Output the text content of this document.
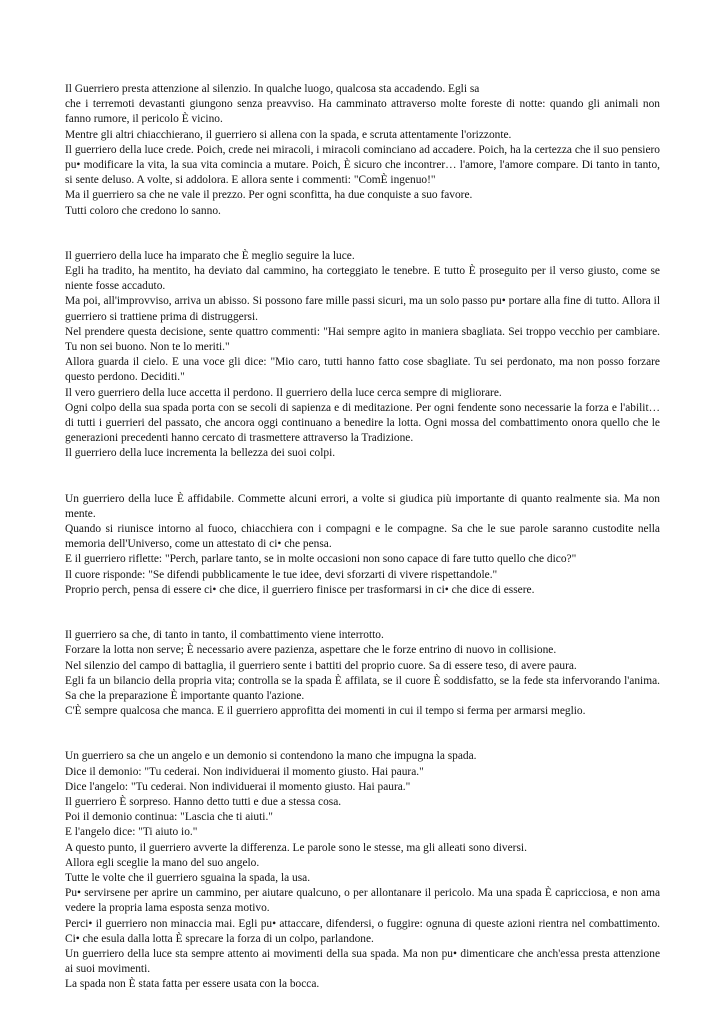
Il Guerriero presta attenzione al silenzio. In qualche luogo, qualcosa sta accadendo. Egli sa
che i terremoti devastanti giungono senza preavviso. Ha camminato attraverso molte foreste di notte: quando gli animali non fanno rumore, il pericolo È vicino.
Mentre gli altri chiacchierano, il guerriero si allena con la spada, e scruta attentamente l'orizzonte.
Il guerriero della luce crede. Poich, crede nei miracoli, i miracoli cominciano ad accadere. Poich, ha la certezza che il suo pensiero pu• modificare la vita, la sua vita comincia a mutare. Poich, È sicuro che incontrer… l'amore, l'amore compare. Di tanto in tanto, si sente deluso. A volte, si addolora. E allora sente i commenti: "ComÈ ingenuo!"
Ma il guerriero sa che ne vale il prezzo. Per ogni sconfitta, ha due conquiste a suo favore.
Tutti coloro che credono lo sanno.
Il guerriero della luce ha imparato che È meglio seguire la luce.
Egli ha tradito, ha mentito, ha deviato dal cammino, ha corteggiato le tenebre. E tutto È proseguito per il verso giusto, come se niente fosse accaduto.
Ma poi, all'improvviso, arriva un abisso. Si possono fare mille passi sicuri, ma un solo passo pu• portare alla fine di tutto. Allora il guerriero si trattiene prima di distruggersi.
Nel prendere questa decisione, sente quattro commenti: "Hai sempre agito in maniera sbagliata. Sei troppo vecchio per cambiare. Tu non sei buono. Non te lo meriti."
Allora guarda il cielo. E una voce gli dice: "Mio caro, tutti hanno fatto cose sbagliate. Tu sei perdonato, ma non posso forzare questo perdono. Deciditi."
Il vero guerriero della luce accetta il perdono. Il guerriero della luce cerca sempre di migliorare.
Ogni colpo della sua spada porta con se secoli di sapienza e di meditazione. Per ogni fendente sono necessarie la forza e l'abilit… di tutti i guerrieri del passato, che ancora oggi continuano a benedire la lotta. Ogni mossa del combattimento onora quello che le generazioni precedenti hanno cercato di trasmettere attraverso la Tradizione.
Il guerriero della luce incrementa la bellezza dei suoi colpi.
Un guerriero della luce È affidabile. Commette alcuni errori, a volte si giudica più importante di quanto realmente sia. Ma non mente.
Quando si riunisce intorno al fuoco, chiacchiera con i compagni e le compagne. Sa che le sue parole saranno custodite nella memoria dell'Universo, come un attestato di ci• che pensa.
E il guerriero riflette: "Perch, parlare tanto, se in molte occasioni non sono capace di fare tutto quello che dico?"
Il cuore risponde: "Se difendi pubblicamente le tue idee, devi sforzarti di vivere rispettandole."
Proprio perch, pensa di essere ci• che dice, il guerriero finisce per trasformarsi in ci• che dice di essere.
Il guerriero sa che, di tanto in tanto, il combattimento viene interrotto.
Forzare la lotta non serve; È necessario avere pazienza, aspettare che le forze entrino di nuovo in collisione.
Nel silenzio del campo di battaglia, il guerriero sente i battiti del proprio cuore. Sa di essere teso, di avere paura.
Egli fa un bilancio della propria vita; controlla se la spada È affilata, se il cuore È soddisfatto, se la fede sta infervorando l'anima. Sa che la preparazione È importante quanto l'azione.
C'È sempre qualcosa che manca. E il guerriero approfitta dei momenti in cui il tempo si ferma per armarsi meglio.
Un guerriero sa che un angelo e un demonio si contendono la mano che impugna la spada.
Dice il demonio: "Tu cederai. Non individuerai il momento giusto. Hai paura."
Dice l'angelo: "Tu cederai. Non individuerai il momento giusto. Hai paura."
Il guerriero È sorpreso. Hanno detto tutti e due a stessa cosa.
Poi il demonio continua: "Lascia che ti aiuti."
E l'angelo dice: "Ti aiuto io."
A questo punto, il guerriero avverte la differenza. Le parole sono le stesse, ma gli alleati sono diversi.
Allora egli sceglie la mano del suo angelo.
Tutte le volte che il guerriero sguaina la spada, la usa.
Pu• servirsene per aprire un cammino, per aiutare qualcuno, o per allontanare il pericolo. Ma una spada È capricciosa, e non ama vedere la propria lama esposta senza motivo.
Perci• il guerriero non minaccia mai. Egli pu• attaccare, difendersi, o fuggire: ognuna di queste azioni rientra nel combattimento. Ci• che esula dalla lotta È sprecare la forza di un colpo, parlandone.
Un guerriero della luce sta sempre attento ai movimenti della sua spada. Ma non pu• dimenticare che anch'essa presta attenzione ai suoi movimenti.
La spada non È stata fatta per essere usata con la bocca.
